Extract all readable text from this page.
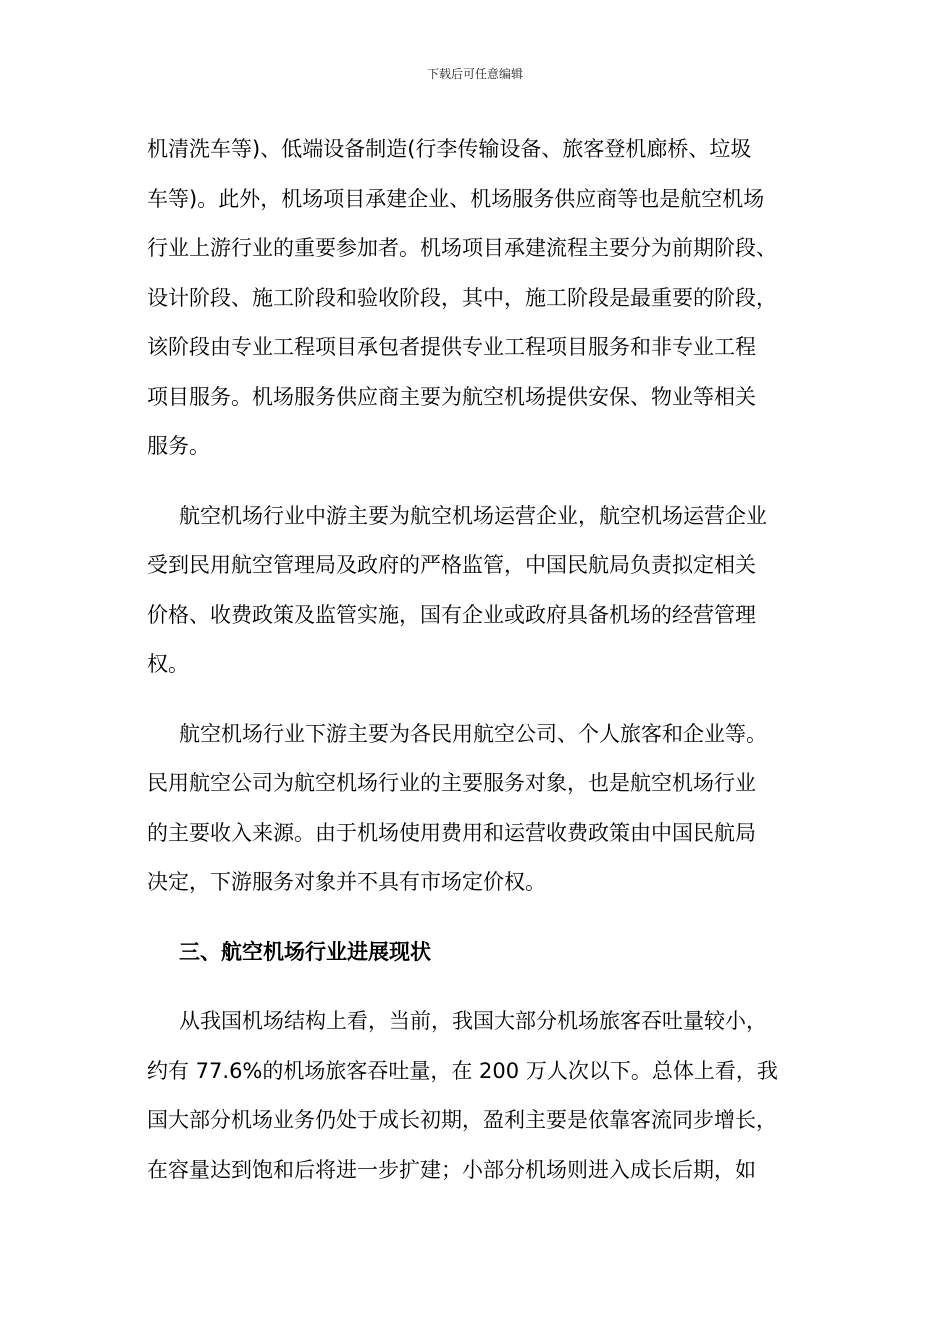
下载后可任意编辑
机清洗车等)、低端设备制造(行李传输设备、旅客登机廊桥、垃圾
车等)。此外，机场项目承建企业、机场服务供应商等也是航空机场
行业上游行业的重要参加者。机场项目承建流程主要分为前期阶段、
设计阶段、施工阶段和验收阶段，其中，施工阶段是最重要的阶段，
该阶段由专业工程项目承包者提供专业工程项目服务和非专业工程
项目服务。机场服务供应商主要为航空机场提供安保、物业等相关
服务。
航空机场行业中游主要为航空机场运营企业，航空机场运营企业
受到民用航空管理局及政府的严格监管，中国民航局负责拟定相关
价格、收费政策及监管实施，国有企业或政府具备机场的经营管理
权。
航空机场行业下游主要为各民用航空公司、个人旅客和企业等。
民用航空公司为航空机场行业的主要服务对象，也是航空机场行业
的主要收入来源。由于机场使用费用和运营收费政策由中国民航局
决定，下游服务对象并不具有市场定价权。
三、航空机场行业进展现状
从我国机场结构上看，当前，我国大部分机场旅客吞吐量较小，
约有 77.6%的机场旅客吞吐量，在 200 万人次以下。总体上看，我
国大部分机场业务仍处于成长初期，盈利主要是依靠客流同步增长，
在容量达到饱和后将进一步扩建；小部分机场则进入成长后期，如
